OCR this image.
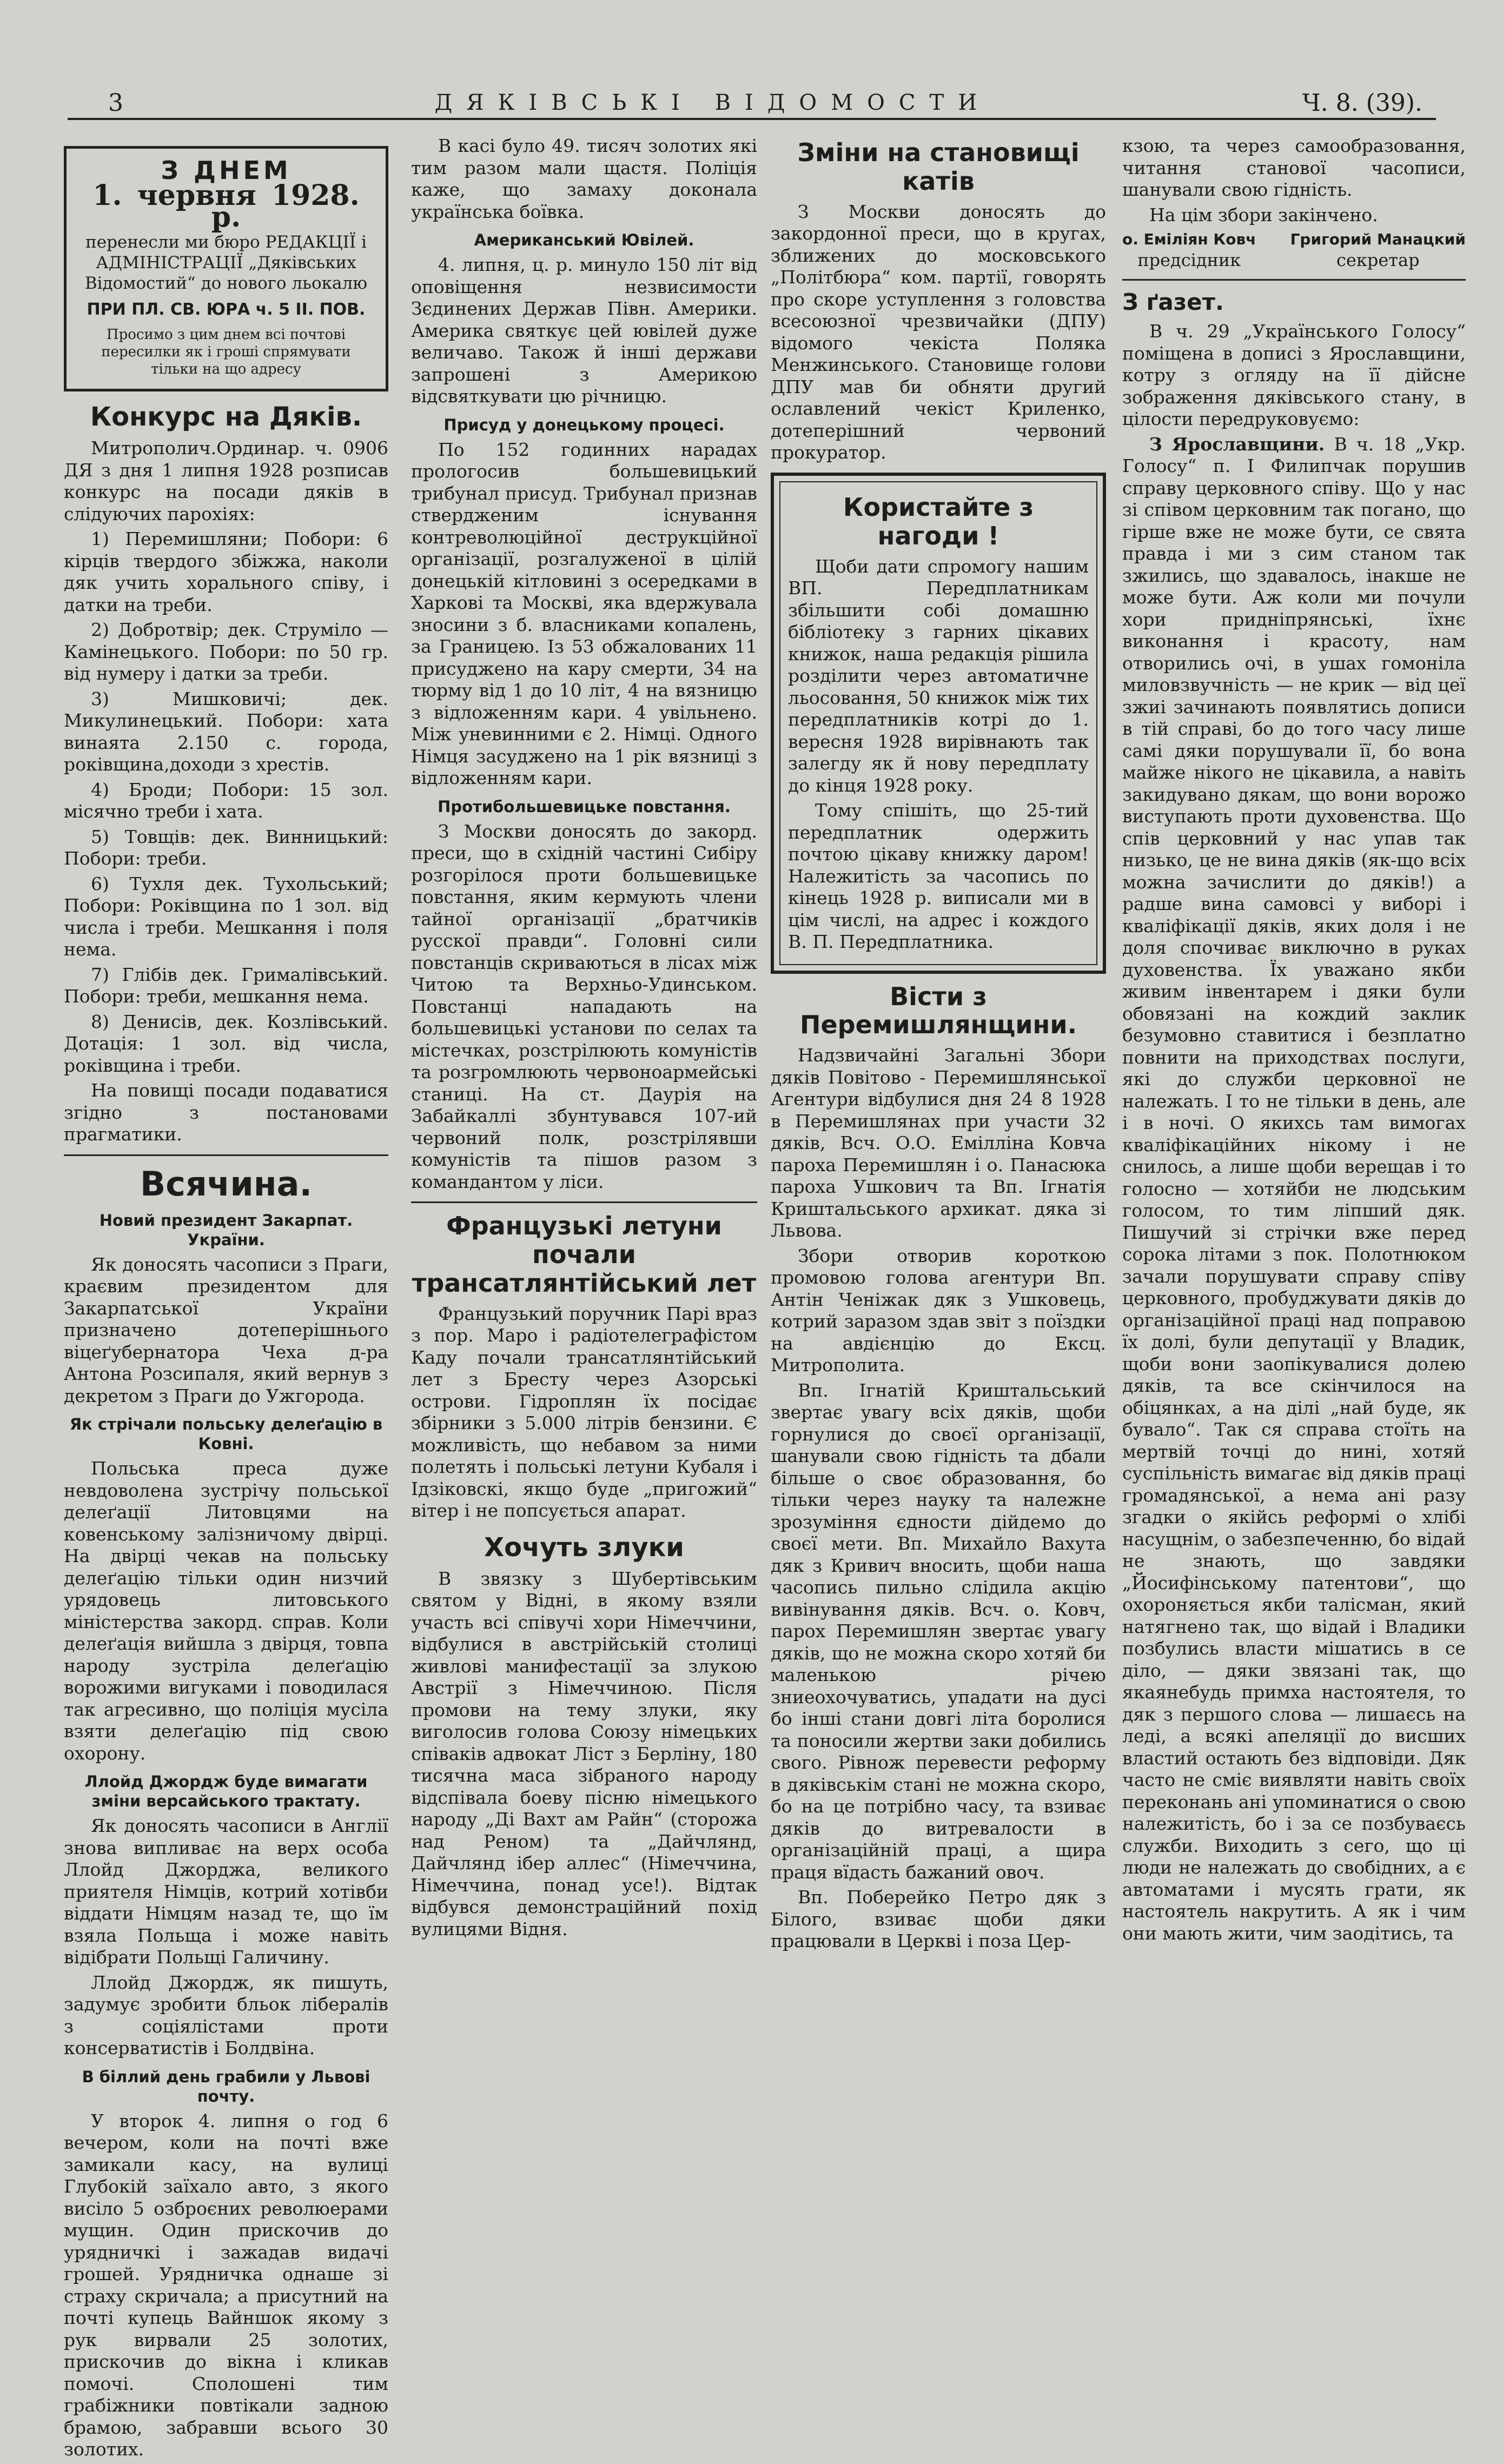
3	ДЯКІВСЬКІ ВІДОМОСТИ	Ч. 8. (39).
З ДНЕМ
1. червня 1928. р.
перенесли ми бюро РЕДАКЦІЇ і АДМІНІСТРАЦІЇ „Дяківських Відомостий“ до нового льокалю
ПРИ ПЛ. СВ. ЮРА ч. 5 II. ПОВ.
Просимо з цим днем всі почтові пересилки як і гроші спрямувати тільки на що адресу
Конкурс на Дяків.

Митрополич.Ординар. ч. 0906 ДЯ з дня 1 липня 1928 розписав конкурс на посади дяків в слідуючих парохіях:

1) Перемишляни; Побори: 6 кірців твердого збіжжа, наколи дяк учить хорального співу, і датки на треби.

2) Добротвір; дек. Струміло — Камінецького. Побори: по 50 гр. від нумеру і датки за треби.

3) Мишковичі; дек. Микулинецький. Побори: хата винаята 2.150 с. города, роківщина,доходи з хрестів.

4) Броди; Побори: 15 зол. місячно треби і хата.

5) Товщів: дек. Винницький: Побори: треби.

6) Тухля дек. Тухольський; Побори: Роківщина по 1 зол. від числа і треби. Мешкання і поля нема.

7) Глібів дек. Грималівський. Побори: треби, мешкання нема.

8) Денисів, дек. Козлівський. Дотація: 1 зол. від числа, роківщина і треби.

На повищі посади подаватися згідно з постановами прагматики.

Всячина.
Новий президент Закарпат. України.

Як доносять часописи з Праги, краєвим президентом для Закарпатської України призначено дотеперішнього віцеґубернатора Чеха д-ра Антона Розсипаля, який вернув з декретом з Праги до Ужгорода.

Як стрічали польську делеґацію в Ковні.

Польська преса дуже невдоволена зустрічу польської делеґації Литовцями на ковенському залізничому двірці. На двірці чекав на польську делеґацію тільки один низчий урядовець литовського міністерства закорд. справ. Коли делеґація вийшла з двірця, товпа народу зустріла делеґацію ворожими вигуками і поводилася так агресивно, що поліція мусіла взяти делеґацію під свою охорону.

Ллойд Джордж буде вимагати зміни версайського трактату.

Як доносять часописи в Англії знова випливає на верх особа Ллойд Джорджа, великого приятеля Німців, котрий хотівби віддати Німцям назад те, що їм взяла Польща і може навіть відібрати Польщі Галичину.

Ллойд Джордж, як пишуть, задумує зробити бльок лібералів з соціялістами проти консерватистів і Болдвіна.

В біллий день грабили у Львові почту.

У второк 4. липня о год 6 вечером, коли на почті вже замикали касу, на вулиці Глубокій заїхало авто, з якого висіло 5 озброєних революерами мущин. Один прискочив до урядничкі і зажадав видачі грошей. Урядничка однаше зі страху скричала; а присутний на почті купець Вайншок якому з рук вирвали 25 золотих, прискочив до вікна і кликав помочі. Сполошені тим грабіжники повтікали задною брамою, забравши всього 30 золотих.

В касі було 49. тисяч золотих які тим разом мали щастя. Поліція каже, що замаху доконала українська боївка.

Американський Ювілей.

4. липня, ц. р. минуло 150 літ від оповіщення незвисимости Зєдинених Держав Півн. Америки. Америка святкує цей ювілей дуже величаво. Також й інші держави запрошені з Америкою відсвяткувати цю річницю.

Присуд у донецькому процесі.

По 152 годинних нарадах прологосив большевицький трибунал присуд. Трибунал признав ствердженим існування контреволюційної деструкційної організації, розгалуженої в цілій донецькій кітловині з осередками в Харкові та Москві, яка вдержувала зносини з б. власниками копалень, за Границею. Із 53 обжалованих 11 присуджено на кару смерти, 34 на тюрму від 1 до 10 літ, 4 на вязницю з відложенням кари. 4 увільнено. Між уневинними є 2. Німці. Одного Німця засуджено на 1 рік вязниці з відложенням кари.

Протибольшевицьке повстання.

З Москви доносять до закорд. преси, що в східній частині Сибіру розгорілося проти большевицьке повстання, яким кермують члени тайної організації „братчиків русскої правди“. Головні сили повстанців скриваються в лісах між Читою та Верхньо-Удинськом. Повстанці нападають на большевицькі установи по селах та містечках, розстрілюють комуністів та розгромлюють червоноармейські станиці. На ст. Даурія на Забайкаллі збунтувався 107-ий червоний полк, розстрілявши комуністів та пішов разом з командантом у ліси.

Французькі летуни почали трансатлянтійський лет

Французький поручник Парі враз з пор. Маро і радіотелеграфістом Каду почали трансатлянтійський лет з Бресту через Азорські острови. Гідроплян їх посідає збірники з 5.000 літрів бензини. Є можливість, що небавом за ними полетять і польські летуни Кубаля і Ідзіковскі, якщо буде „пригожий“ вітер і не попсується апарат.

Хочуть злуки

В звязку з Шубертівським святом у Відні, в якому взяли участь всі співучі хори Німеччини, відбулися в австрійській столиці живлові манифестації за злукою Австрії з Німеччиною. Після промови на тему злуки, яку виголосив голова Союзу німецьких співаків адвокат Ліст з Берліну, 180 тисячна маса зібраного народу відспівала боеву пісню німецького народу „Ді Вахт ам Райн“ (сторожа над Реном) та „Дайчлянд, Дайчлянд ібер аллес“ (Німеччина, Німеччина, понад усе!). Відтак відбувся демонстраційний похід вулицями Відня.

Зміни на становищі катів

З Москви доносять до закордонної преси, що в кругах, зближених до московського „Політбюра“ ком. партії, говорять про скоре уступлення з головства всесоюзної чрезвичайки (ДПУ) відомого чекіста Поляка Менжинського. Становище голови ДПУ мав би обняти другий ославлений чекіст Криленко, дотеперішний червоний прокуратор.

Користайте з нагоди !

Щоби дати спромогу нашим ВП. Передплатникам збільшити собі домашню бібліотеку з гарних цікавих книжок, наша редакція рішила розділити через автоматичне льосовання, 50 книжок між тих передплатників котрі до 1. вересня 1928 вирівнають так залегду як й нову передплату до кінця 1928 року.

Тому спішіть, що 25-тий передплатник одержить почтою цікаву книжку даром! Належитість за часопись по кінець 1928 р. виписали ми в цім числі, на адрес і кождого В. П. Передплатника.

Вісти з Перемишлянщини.

Надзвичайні Загальні Збори дяків Повітово - Перемишлянської Агентури відбулися дня 24 8 1928 в Перемишлянах при участи 32 дяків, Всч. О.О. Емілліна Ковча пароха Перемишлян і о. Панасюка пароха Ушкович та Вп. Ігнатія Криштальського архикат. дяка зі Львова.

Збори отворив короткою промовою голова агентури Вп. Антін Ченіжак дяк з Ушковець, котрий заразом здав звіт з поїздки на авдієнцію до Ексц. Митрополита.

Вп. Ігнатій Криштальський звертає увагу всіх дяків, щоби горнулися до своєї організації, шанували свою гідність та дбали більше о своє образовання, бо тільки через науку та належне зрозуміння єдности дійдемо до своєї мети. Вп. Михайло Вахута дяк з Кривич вносить, щоби наша часопись пильно слідила акцію вивінування дяків. Всч. о. Ковч, парох Перемишлян звертає увагу дяків, що не можна скоро хотяй би маленькою річею зниеохочуватись, упадати на дусі бо інші стани довгі літа боролися та поносили жертви заки добились свого. Рівнож перевести реформу в дяківськім стані не можна скоро, бо на це потрібно часу, та взиває дяків до витревалости в організаційній праці, а щира праця вїдасть бажаний овоч.

Вп. Поберейко Петро дяк з Білого, взиває щоби дяки працювали в Церкві і поза Цер-

кзою, та через самообразовання, читання станової часописи, шанували свою гідність.

На цім збори закінчено.

о. Еміліян Ковч
предсідник
Григорий Манацкий
секретар
З ґазет.

В ч. 29 „Українського Голосу“ поміщена в дописі з Ярославщини, котру з огляду на її дійсне зображення дяківського стану, в цілости передруковуємо:

З Ярославщини. В ч. 18 „Укр. Голосу“ п. І Филипчак порушив справу церковного співу. Що у нас зі співом церковним так погано, що гірше вже не може бути, се свята правда і ми з сим станом так зжились, що здавалось, інакше не може бути. Аж коли ми почули хори придніпрянські, їхнє виконання і красоту, нам отворились очі, в ушах гомоніла миловзвучність — не крик — від цеї зжиі зачинають появлятись дописи в тій справі, бо до того часу лише самі дяки порушували її, бо вона майже нікого не цікавила, а навіть закидувано дякам, що вони ворожо виступають проти духовенства. Що спів церковний у нас упав так низько, це не вина дяків (як-що всіх можна зачислити до дяків!) а радше вина самовсі у виборі і кваліфікації дяків, яких доля і не доля спочиває виключно в руках духовенства. Їх уважано якби живим інвентарем і дяки були обовязані на кождий заклик безумовно ставитися і безплатно повнити на приходствах послуги, які до служби церковної не належать. І то не тільки в день, але і в ночі. О якихсь там вимогах кваліфікаційних нікому і не снилось, а лише щоби верещав і то голосно — хотяйби не людським голосом, то тим ліпший дяк. Пишучий зі стрічки вже перед сорока літами з пок. Полотнюком зачали порушувати справу співу церковного, пробуджувати дяків до організаційної праці над поправою їх долі, були депутації у Владик, щоби вони заопікувалися долею дяків, та все скінчилося на обіцянках, а на ділі „най буде, як бувало“. Так ся справа стоїть на мертвій точці до нині, хотяй суспільність вимагає від дяків праці громадянської, а нема ані разу згадки о якійсь реформі о хлібі насущнім, о забезпеченню, бо відай не знають, що завдяки „Йосифінському патентови“, що охороняється якби талісман, який натягнено так, що відай і Владики позбулись власти мішатись в се діло, — дяки звязані так, що якаянебудь примха настоятеля, то дяк з першого слова — лишаєсь на леді, а всякі апеляції до висших властий остають без відповіди. Дяк часто не сміє виявляти навіть своїх переконань ані упоминатися о свою належитість, бо і за се позбуваєсь служби. Виходить з сего, що ці люди не належать до свобідних, а є автоматами і мусять грати, як настоятель накрутить. А як і чим они мають жити, чим заодітись, та
